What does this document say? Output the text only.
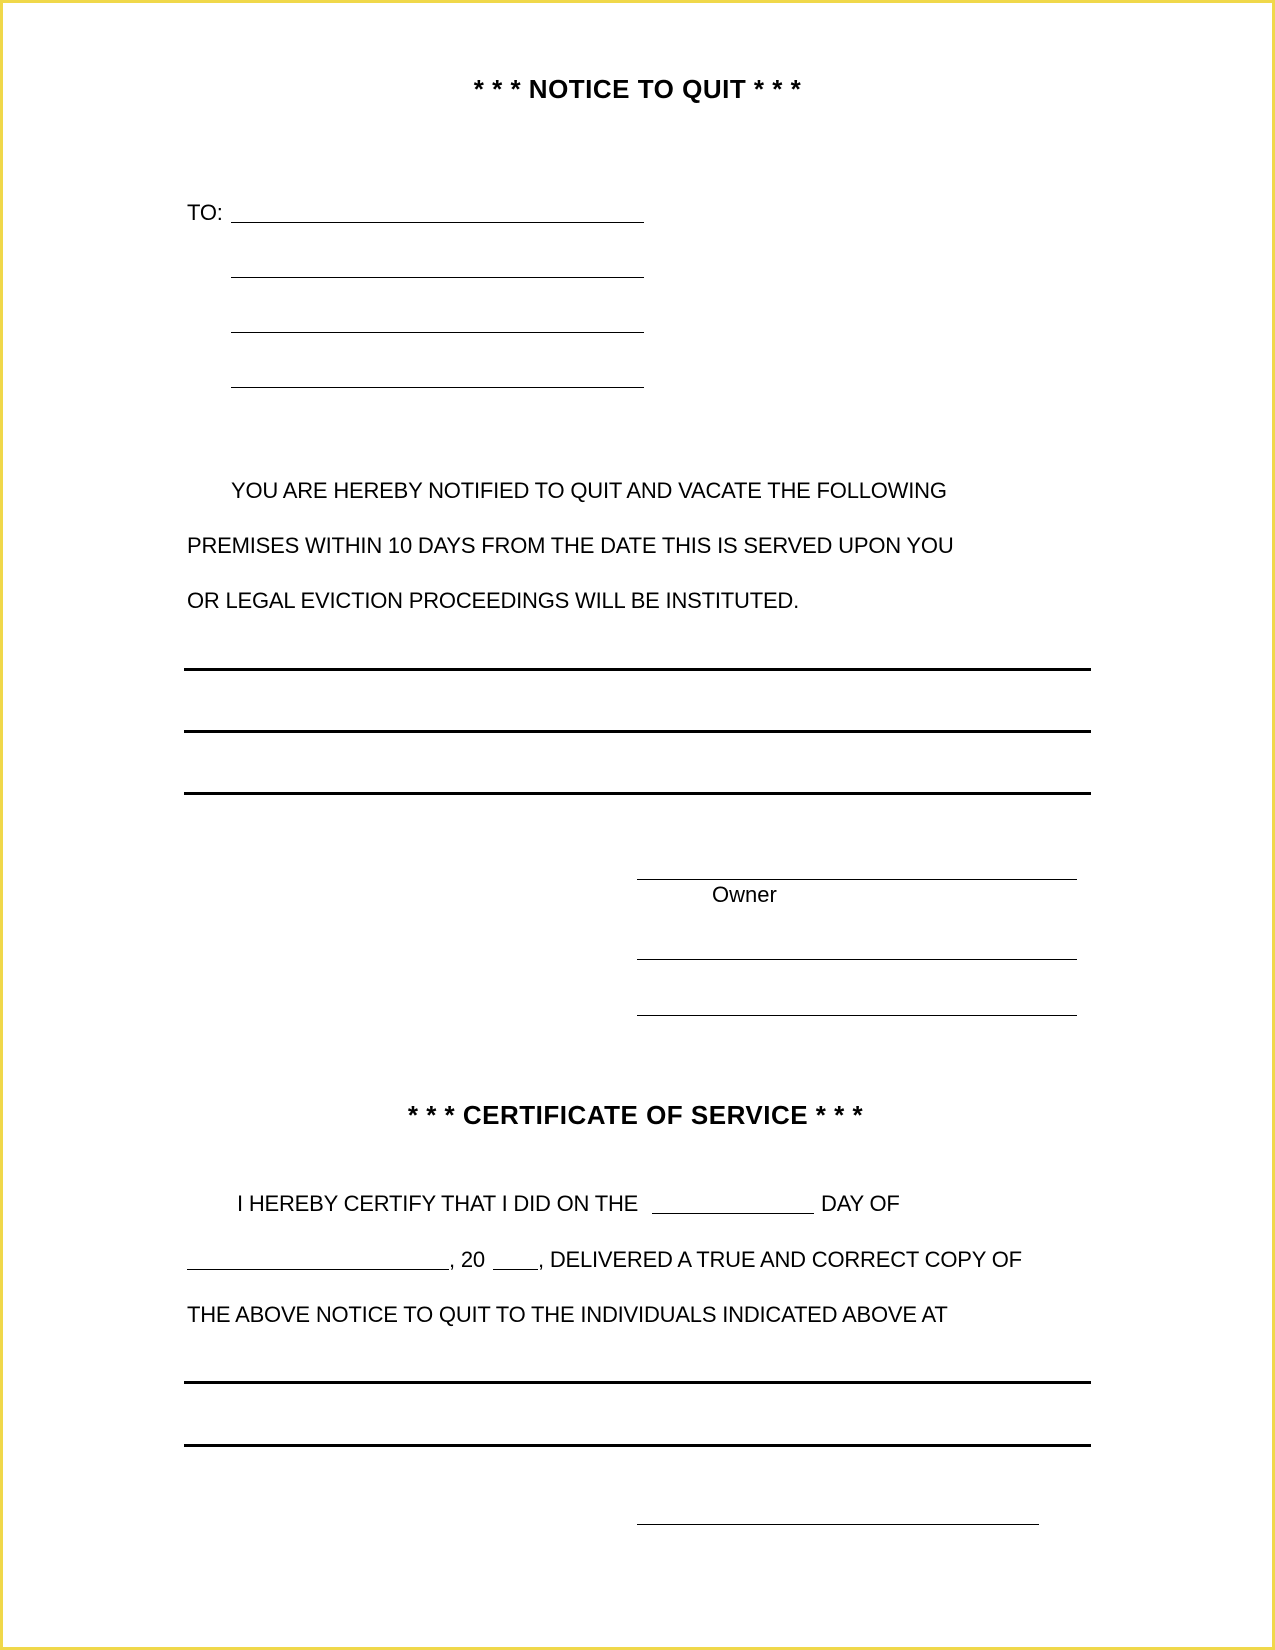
* * * NOTICE TO QUIT * * *
TO:
YOU ARE HEREBY NOTIFIED TO QUIT AND VACATE THE FOLLOWING
PREMISES WITHIN 10 DAYS FROM THE DATE THIS IS SERVED UPON YOU
OR LEGAL EVICTION PROCEEDINGS WILL BE INSTITUTED.
Owner
* * * CERTIFICATE OF SERVICE * * *
I HEREBY CERTIFY THAT I DID ON THE	DAY OF
, 20 , DELIVERED A TRUE AND CORRECT COPY OF
THE ABOVE NOTICE TO QUIT TO THE INDIVIDUALS INDICATED ABOVE AT
